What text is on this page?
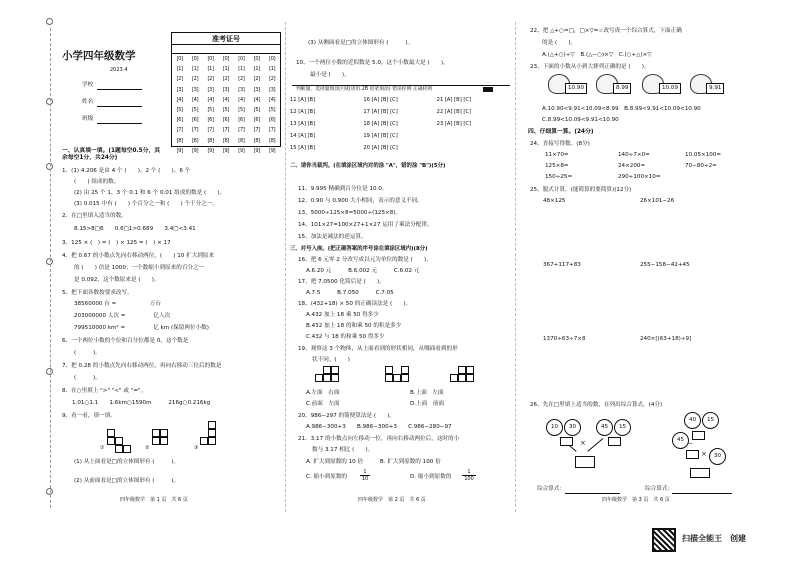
小学四年级数学
2023.4
学校
姓名
班级
准考证号
[0]	[0]	[0]	[0]	[0]	[0]	[0]
[1]	[1]	[1]	[1]	[1]	[1]	[1]
[2]	[2]	[2]	[2]	[2]	[2]	[2]
[3]	[3]	[3]	[3]	[3]	[3]	[3]
[4]	[4]	[4]	[4]	[4]	[4]	[4]
[5]	[5]	[5]	[5]	[5]	[5]	[5]
[6]	[6]	[6]	[6]	[6]	[6]	[6]
[7]	[7]	[7]	[7]	[7]	[7]	[7]
[8]	[8]	[8]	[8]	[8]	[8]	[8]
[9]	[9]	[9]	[9]	[9]	[9]	[9]
一、认真填一填。(1题每空0.5分，其余每空1分，共24分)
1、(1) 4.206 是由 4 个 (　　)、2 个 (　　)、6 个
(　　) 组成的数。
(2) 由 25 个 1、3 个 0.1 和 6 个 0.01 组成的数是 (　　)。
(3) 0.015 中有 (　　) 个百分之一和 (　　) 个千分之一。
2、在□里填入适当的数。
8.15>8□6　　0.6□1>0.689　　3.4□<3.41
3、125 × (　) = (　) × 125 = (　) × 17
4、把 0.67 的小数点先向右移动两位，(　　) 10 扩大到原来
的 (　　) 倍是 1000；一个数缩小到原来的百分之一
是 0.092，这个数原来是 (　　)。
5、把下面各数按要求改写。
38560000 台 =　　　　　　万台
203000000 人次 =　　　　　亿人次
799510000 km² =　　　　　亿 km (保留两位小数)
6、一个两位小数的个位和百分位都是 0，这个数是
(　　　)。
7、把 0.28 的小数点先向右移动两位，再向右移动三位后的数是
(　　　)。
8、在○里填上 ">" "<" 或 "="。
1.01○1.1　　1.6km○1590m　　　216g○0.216kg
9、看一看，填一填。
①	②	③
(1) 从上面看是□的立体图形有 (　　　)。
(2) 从前面看是□的立体图形有 (　　　)。
四年级数学　第 1 页　共 6 页
(3) 从侧面看是□的立体图形有 (　　　)。
10、一个两位小数的近似数是 5.0，这个小数最大是 (　　)，
最小是 (　　)。
判断题、选择题填涂区域(请用 2B 铅笔填涂) 错误样例 正确样例
11 [A] [B]	16 [A] [B] [C]	21 [A] [B] [C]
12 [A] [B]	17 [A] [B] [C]	22 [A] [B] [C]
13 [A] [B]	18 [A] [B] [C]	23 [A] [B] [C]
14 [A] [B]	19 [A] [B] [C]
15 [A] [B]	20 [A] [B] [C]
二、请你当裁判。(在填涂区域内对的涂 "A"，错的涂 "B")(5分)
11、9.995 精确到百分位是 10.0。
12、0.90 与 0.900 大小相同，表示的意义不同。
13、5000÷125×8=5000÷(125×8)。
14、101×27=100×27+1×27 运用了乘法分配律。
15、加法是减法的逆运算。
三、对号入座。(把正确答案的序号涂在填涂区域内)(8分)
16、把 6 元零 2 分改写成以元为单位的数是 (　　)。
A.6.20 元　　　B.6.002 元　　　C.6.02 元
17、把 7.0500 化简后是 (　　)。
A.7.5　　　B.7.050　　　C.7.05
18、(432+18) × 50 的正确读法是 (　　)。
A.432 加上 18 乘 50 得多少
B.432 加上 18 的和乘 50 的积是多少
C.432 与 18 的和乘 50 得多少
19、观察这 3 个物体，从上面看到的形状相同，从哪面看到的形
状不同。(　　)
A.左面　右面	B.上面　左面
C.前面　左面	D.上面　前面
20、986−297 的简便算法是 (　　)。
A.986−300+3　　B.986−300+3　　C.986−280−97
21、3.17 的小数点向左移动一位，再向右移动两位后，这时的小
数与 3.17 相比 (　　)。
A. 扩大到原数的 10 倍　　　B. 扩大到原数的 100 倍
C. 缩小到原数的
1
10	D. 缩小到原数的
1
100
四年级数学　第 2 页　共 6 页
22、把 △+○=□，□×▽=☆改写成一个综合算式，下面正确
的是 (　　)。
A.(△+○)÷▽　B.(△−○)×▽　C.(○+△)×▽
23、下面的小数从小到大排列正确的是 (　　)。
10.90	8.99	10.09	9.91
A.10.90<9.91<10.09<8.99　B.8.99<9.91<10.09<10.90
C.8.99<10.09<9.91<10.90
四、仔细算一算。(24分)
24、直接写得数。(8分)
11×70=	140÷7×0=	10.05×100=
125×8=	24×200=	70−80÷2=
150÷25=	290÷100×10=
25、脱式计算。(能简算的要简算)(12分)
48×125	26×101−26
367+117+83	255−158−42+45
1370÷63÷7×8	240×[(63+18)÷9]
26、先在□里填上适当的数，在列出综合算式。(4分)
10	30	45	15
×
40	15
45 −
×	30
综合算式：	综合算式：
四年级数学　第 3 页　共 6 页
扫描全能王　创建
